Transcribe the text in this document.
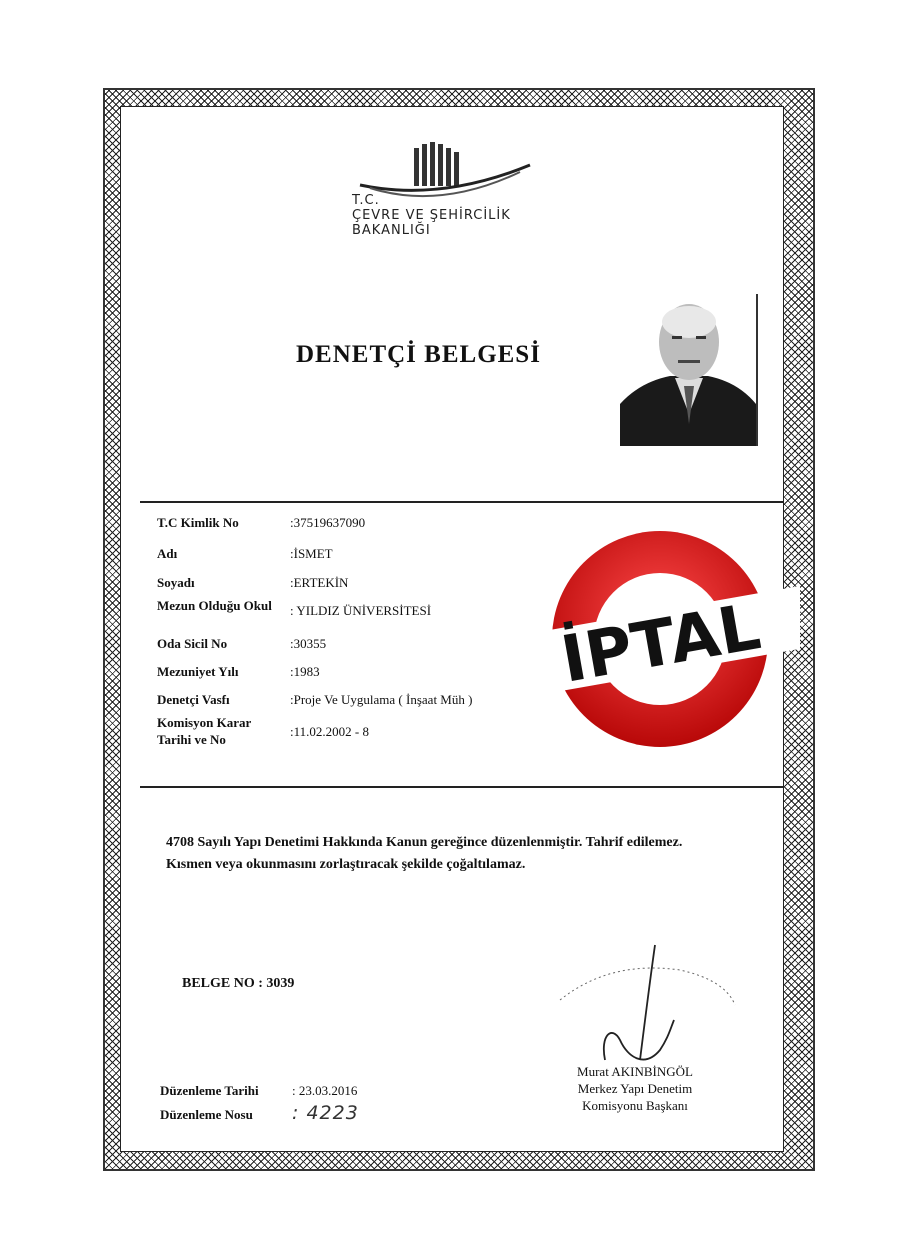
T.C.
ÇEVRE VE ŞEHİRCİLİK
BAKANLIĞI
DENETÇİ BELGESİ
T.C Kimlik No	:37519637090
Adı	:İSMET
Soyadı	:ERTEKİN
Mezun Olduğu Okul : YILDIZ ÜNİVERSİTESİ
Oda Sicil No	:30355
Mezuniyet Yılı	:1983
Denetçi Vasfı	:Proje Ve Uygulama ( İnşaat Müh )
Komisyon Karar
Tarihi ve No
:11.02.2002 - 8
İPTAL
4708 Sayılı Yapı Denetimi Hakkında Kanun gereğince düzenlenmiştir. Tahrif edilemez.
Kısmen veya okunmasını zorlaştıracak şekilde çoğaltılamaz.
BELGE NO : 3039
Düzenleme Tarihi	: 23.03.2016
Düzenleme Nosu : 4223
Murat AKINBİNGÖL
Merkez Yapı Denetim
Komisyonu Başkanı
